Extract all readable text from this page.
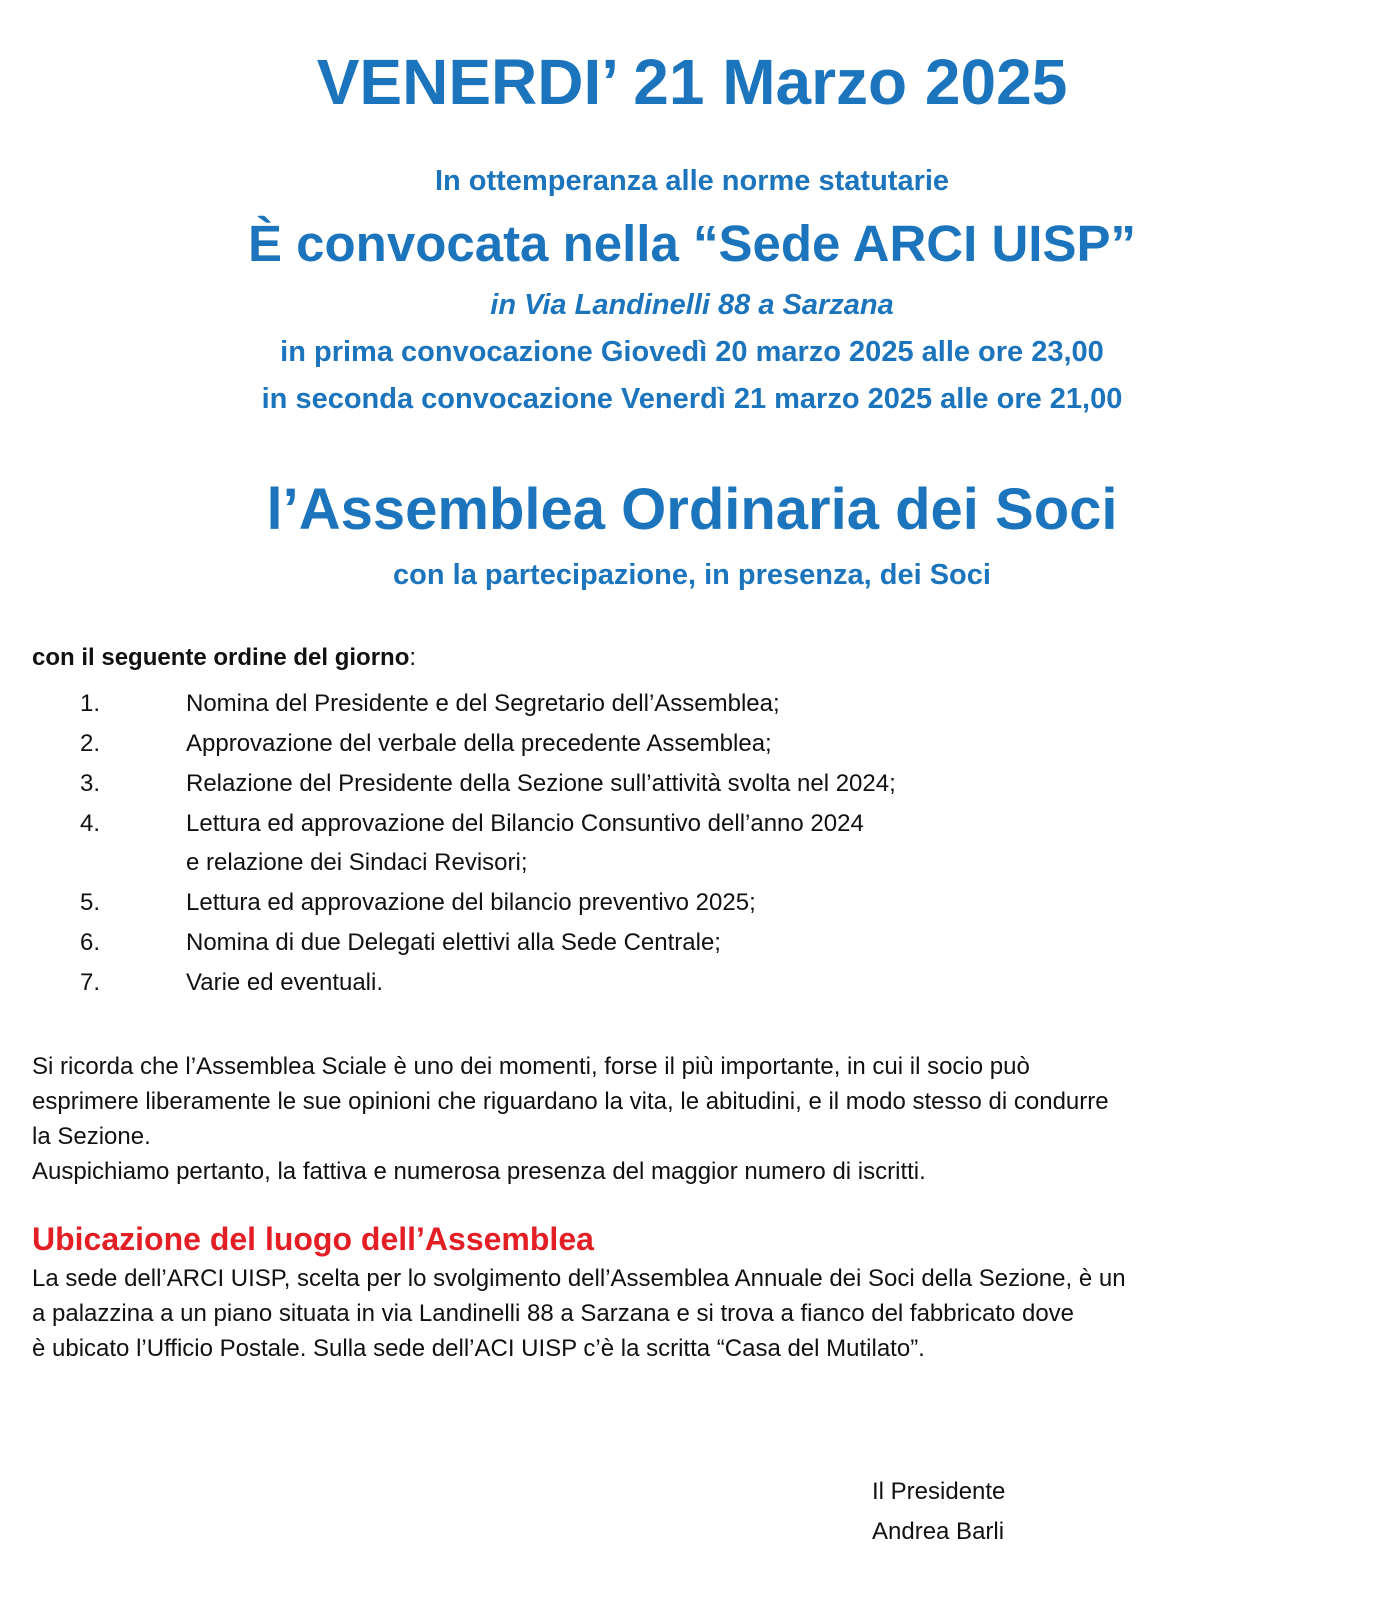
VENERDI’ 21 Marzo 2025
In ottemperanza alle norme statutarie
È convocata nella “Sede ARCI UISP”
in Via Landinelli 88 a Sarzana
in prima convocazione Giovedì 20 marzo 2025 alle ore 23,00
in seconda convocazione Venerdì 21 marzo 2025 alle ore 21,00
l’Assemblea Ordinaria dei Soci
con la partecipazione, in presenza, dei Soci
con il seguente ordine del giorno:
1.	Nomina del Presidente e del Segretario dell’Assemblea;
2.	Approvazione del verbale della precedente Assemblea;
3.	Relazione del Presidente della Sezione sull’attività svolta nel 2024;
4.	Lettura ed approvazione del Bilancio Consuntivo dell’anno 2024
e relazione dei Sindaci Revisori;
5.	Lettura ed approvazione del bilancio preventivo 2025;
6.	Nomina di due Delegati elettivi alla Sede Centrale;
7.	Varie ed eventuali.
Si ricorda che l’Assemblea Sciale è uno dei momenti, forse il più importante, in cui il socio può
esprimere liberamente le sue opinioni che riguardano la vita, le abitudini, e il modo stesso di condurre
la Sezione.
Auspichiamo pertanto, la fattiva e numerosa presenza del maggior numero di iscritti.
Ubicazione del luogo dell’Assemblea
La sede dell’ARCI UISP, scelta per lo svolgimento dell’Assemblea Annuale dei Soci della Sezione, è un
a palazzina a un piano situata in via Landinelli 88 a Sarzana e si trova a fianco del fabbricato dove
è ubicato l’Ufficio Postale. Sulla sede dell’ACI UISP c’è la scritta “Casa del Mutilato”.
Il Presidente
Andrea Barli
